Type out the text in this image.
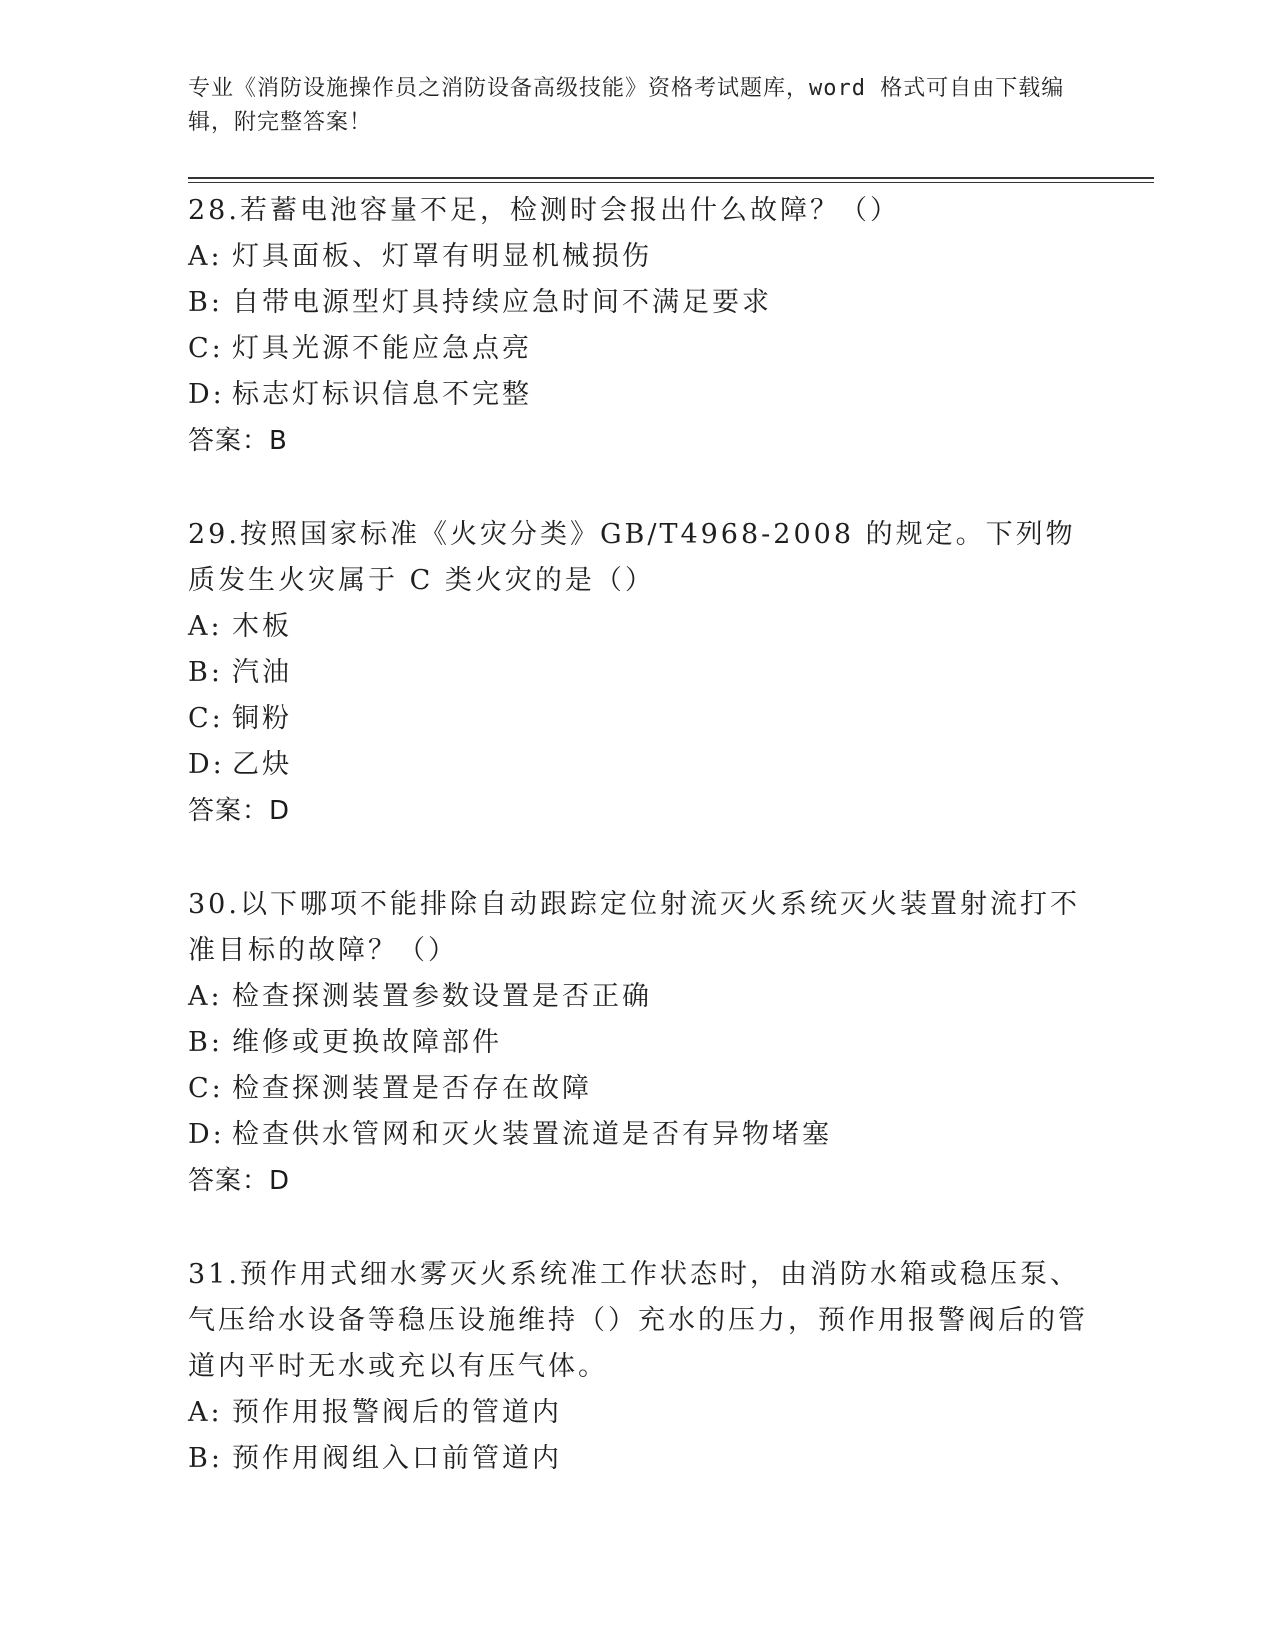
专业《消防设施操作员之消防设备高级技能》资格考试题库，word 格式可自由下载编辑，附完整答案！
28.若蓄电池容量不足，检测时会报出什么故障？（）
A: 灯具面板、灯罩有明显机械损伤
B: 自带电源型灯具持续应急时间不满足要求
C: 灯具光源不能应急点亮
D: 标志灯标识信息不完整
答案：B
29.按照国家标准《火灾分类》GB/T4968-2008 的规定。下列物质发生火灾属于 C 类火灾的是（）
A: 木板
B: 汽油
C: 铜粉
D: 乙炔
答案：D
30.以下哪项不能排除自动跟踪定位射流灭火系统灭火装置射流打不准目标的故障？（）
A: 检查探测装置参数设置是否正确
B: 维修或更换故障部件
C: 检查探测装置是否存在故障
D: 检查供水管网和灭火装置流道是否有异物堵塞
答案：D
31.预作用式细水雾灭火系统准工作状态时，由消防水箱或稳压泵、气压给水设备等稳压设施维持（）充水的压力，预作用报警阀后的管道内平时无水或充以有压气体。
A: 预作用报警阀后的管道内
B: 预作用阀组入口前管道内
